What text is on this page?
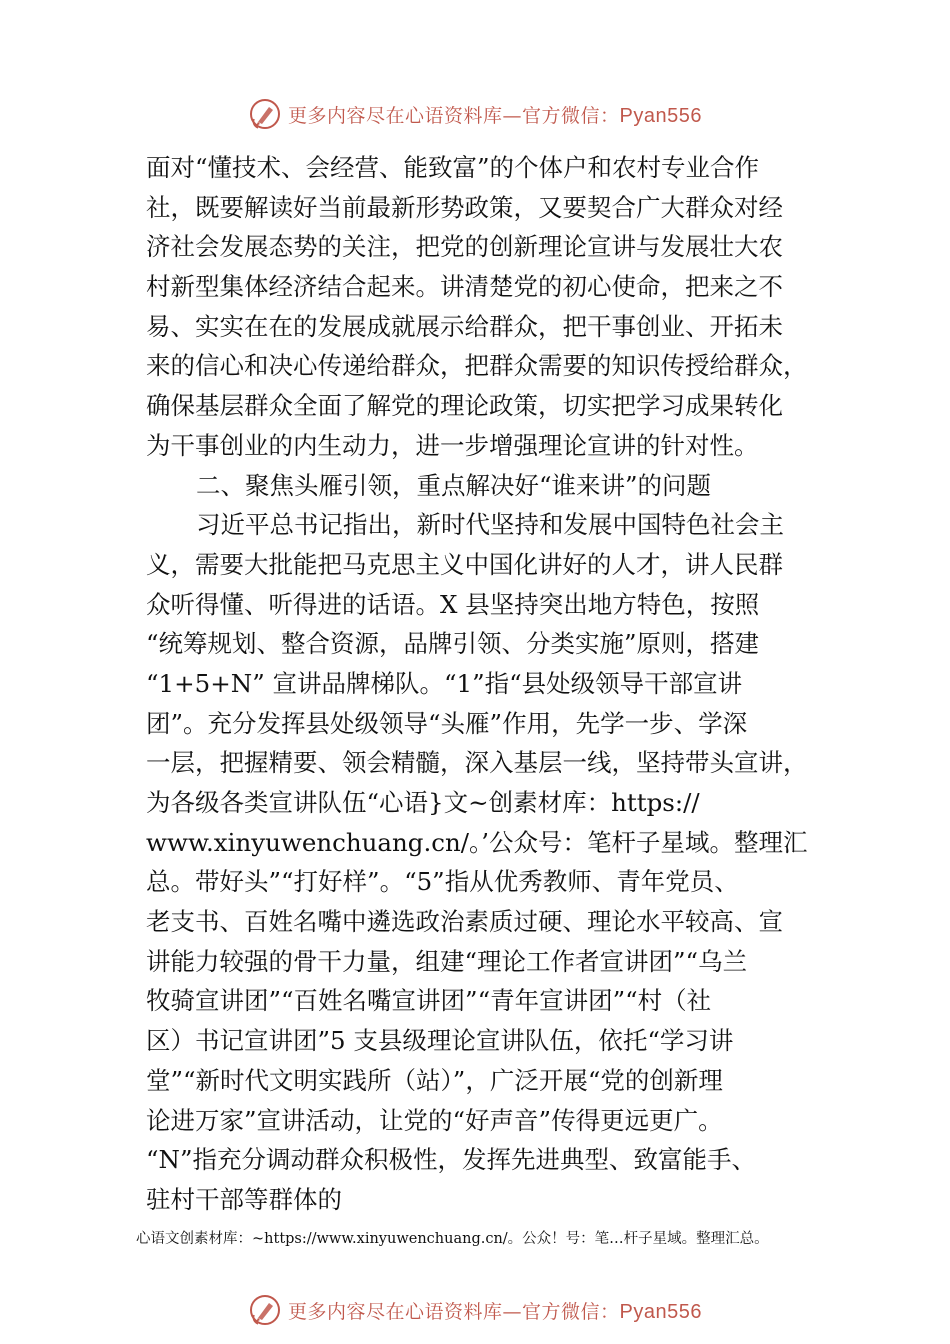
更多内容尽在心语资料库—官方微信：Pyan556
面对“懂技术、会经营、能致富”的个体户和农村专业合作
社，既要解读好当前最新形势政策，又要契合广大群众对经
济社会发展态势的关注，把党的创新理论宣讲与发展壮大农
村新型集体经济结合起来。讲清楚党的初心使命，把来之不
易、实实在在的发展成就展示给群众，把干事创业、开拓未
来的信心和决心传递给群众，把群众需要的知识传授给群众，
确保基层群众全面了解党的理论政策，切实把学习成果转化
为干事创业的内生动力，进一步增强理论宣讲的针对性。
二、聚焦头雁引领，重点解决好“谁来讲”的问题
习近平总书记指出，新时代坚持和发展中国特色社会主
义，需要大批能把马克思主义中国化讲好的人才，讲人民群
众听得懂、听得进的话语。X 县坚持突出地方特色，按照
“统筹规划、整合资源，品牌引领、分类实施”原则，搭建
“1+5+N” 宣讲品牌梯队。“1”指“县处级领导干部宣讲
团”。充分发挥县处级领导“头雁”作用，先学一步、学深
一层，把握精要、领会精髓，深入基层一线，坚持带头宣讲，
为各级各类宣讲队伍“心语}文~创素材库：https://
www.xinyuwenchuang.cn/。’公众号：笔杆子星域。整理汇
总。带好头”“打好样”。“5”指从优秀教师、青年党员、
老支书、百姓名嘴中遴选政治素质过硬、理论水平较高、宣
讲能力较强的骨干力量，组建“理论工作者宣讲团”“乌兰
牧骑宣讲团”“百姓名嘴宣讲团”“青年宣讲团”“村（社
区）书记宣讲团”5 支县级理论宣讲队伍，依托“学习讲
堂”“新时代文明实践所（站）”，广泛开展“党的创新理
论进万家”宣讲活动，让党的“好声音”传得更远更广。
“N”指充分调动群众积极性，发挥先进典型、致富能手、
驻村干部等群体的
心语文创素材库：~https://www.xinyuwenchuang.cn/。公众！号：笔…杆子星域。整理汇总。
更多内容尽在心语资料库—官方微信：Pyan556
